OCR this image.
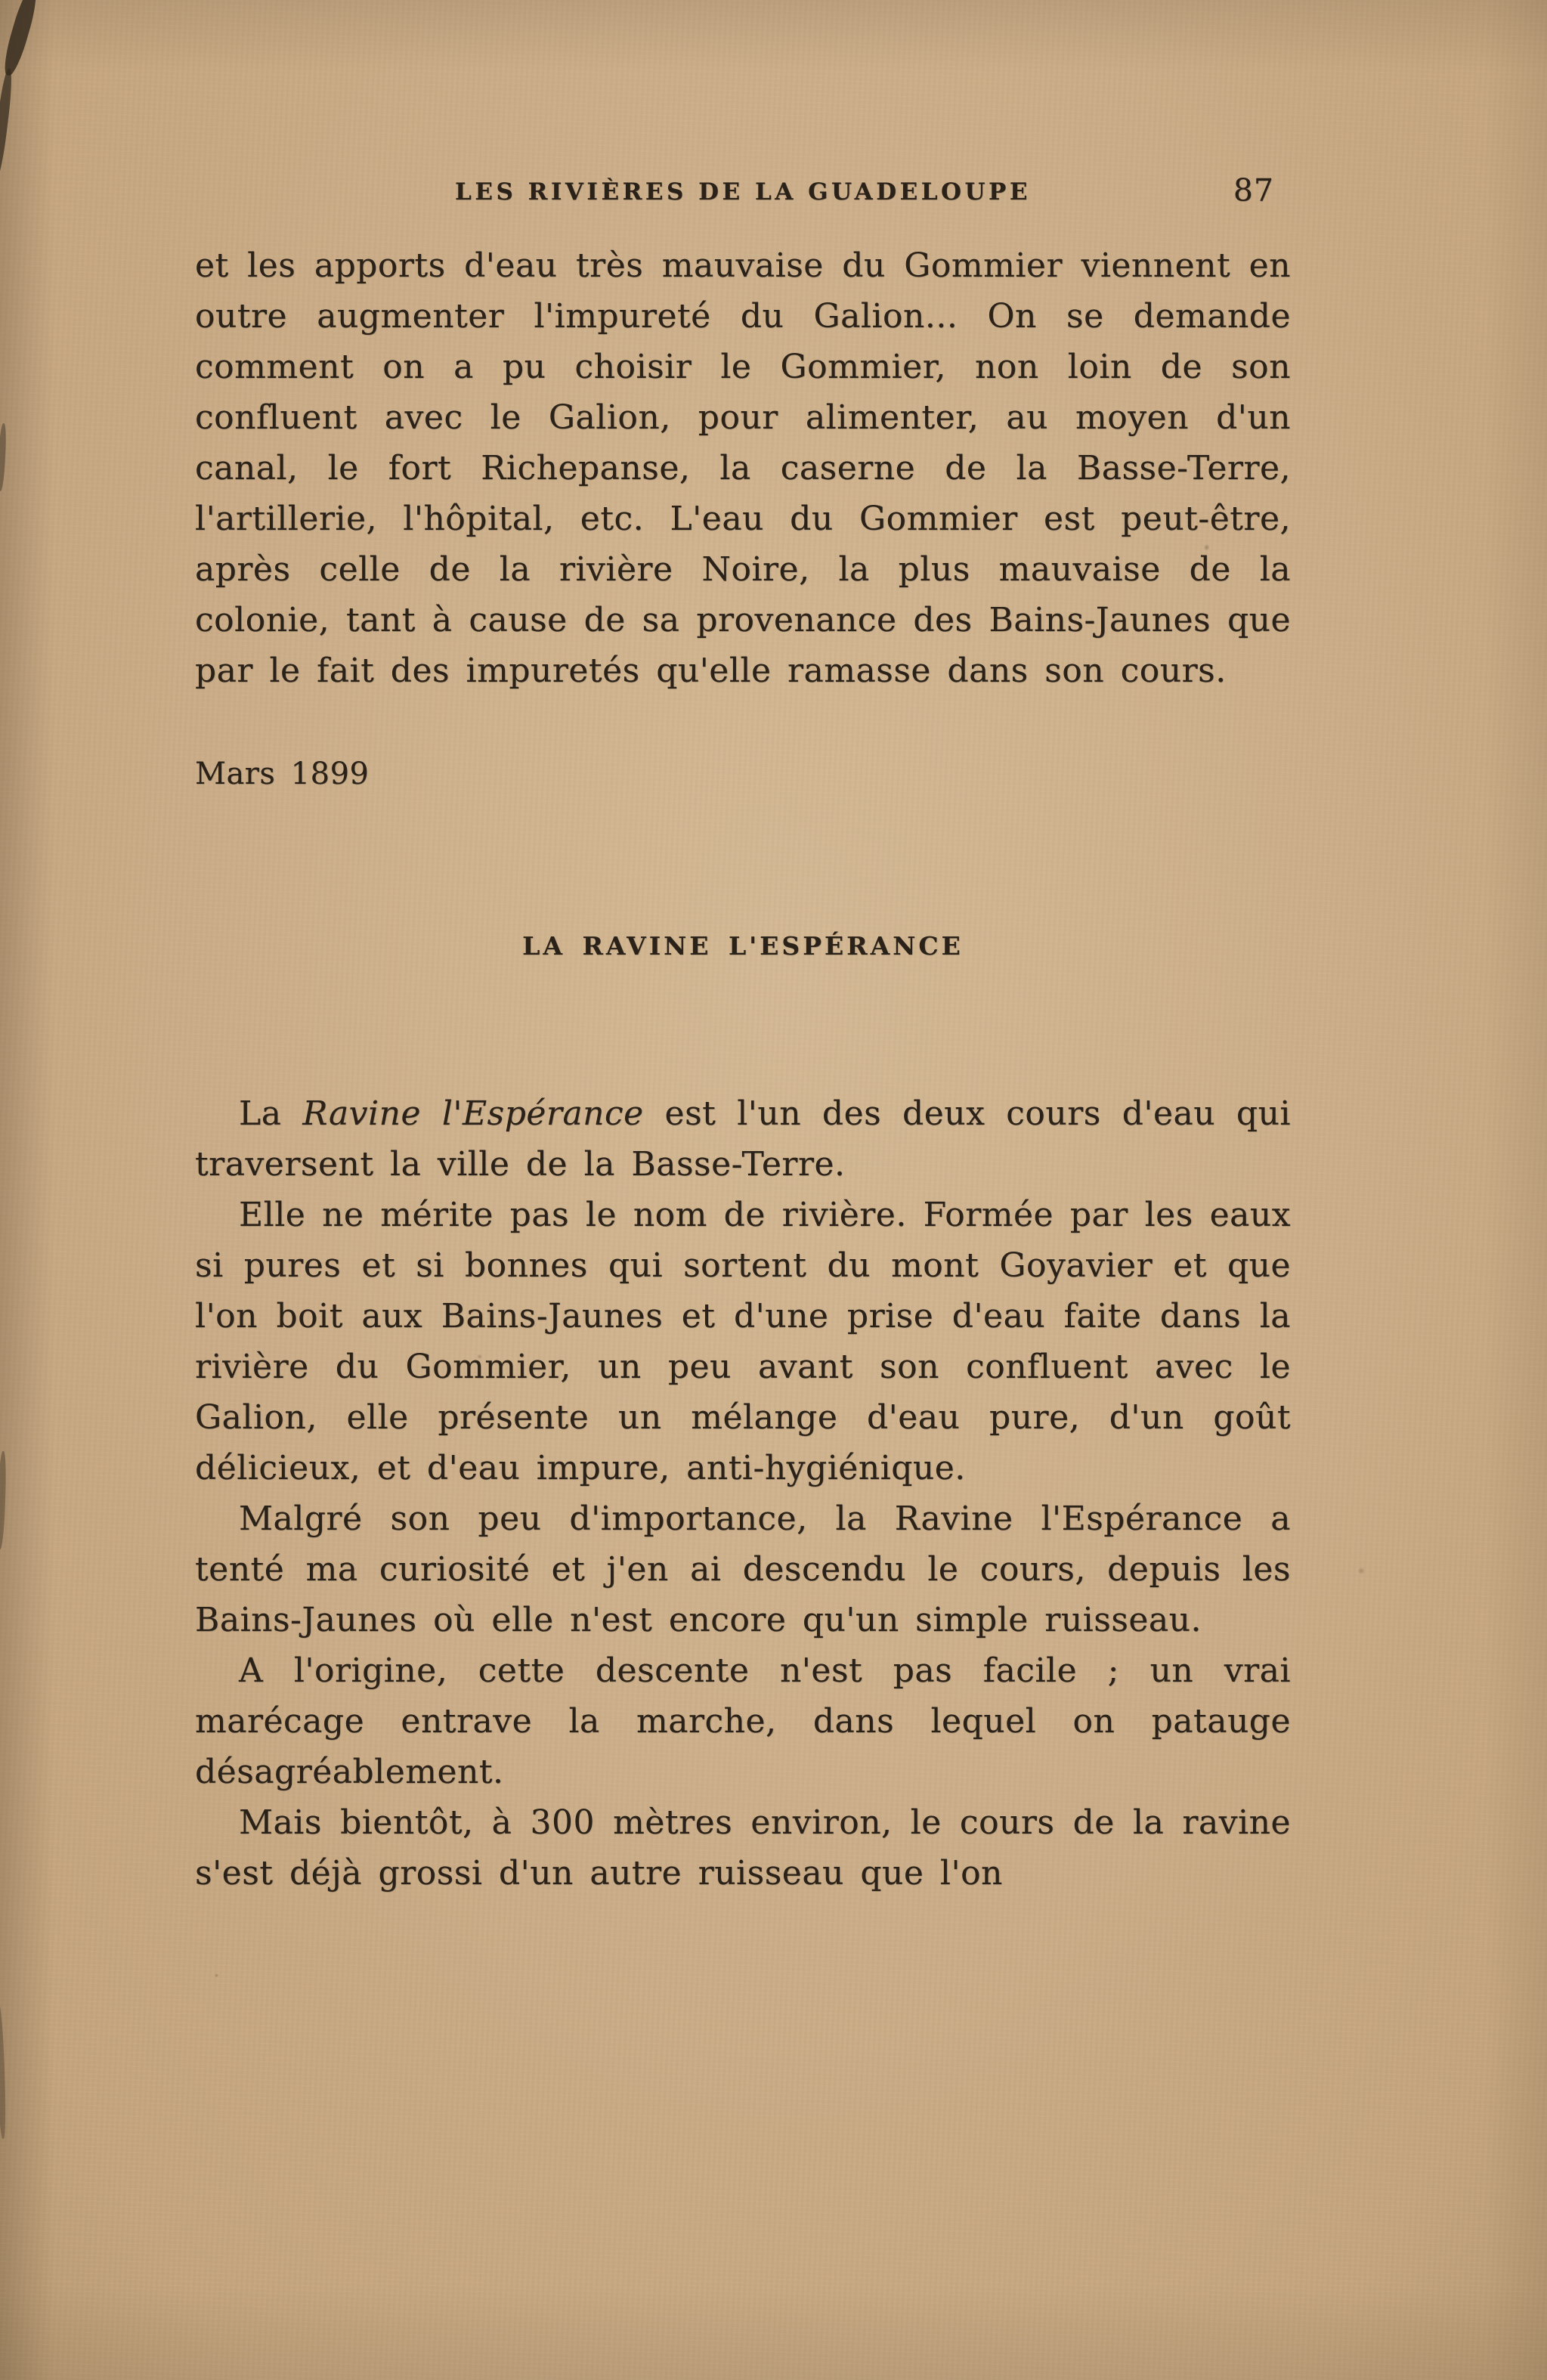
LES RIVIÈRES DE LA GUADELOUPE	87

et les apports d'eau très mauvaise du Gommier viennent en outre augmenter l'impureté du Galion... On se demande comment on a pu choisir le Gommier, non loin de son confluent avec le Galion, pour alimenter, au moyen d'un canal, le fort Richepanse, la caserne de la Basse-Terre, l'artillerie, l'hôpital, etc. L'eau du Gommier est peut-être, après celle de la rivière Noire, la plus mauvaise de la colonie, tant à cause de sa provenance des Bains-Jaunes que par le fait des impuretés qu'elle ramasse dans son cours.

Mars 1899

LA RAVINE L'ESPÉRANCE

La Ravine l'Espérance est l'un des deux cours d'eau qui traversent la ville de la Basse-Terre.

Elle ne mérite pas le nom de rivière. Formée par les eaux si pures et si bonnes qui sortent du mont Goyavier et que l'on boit aux Bains-Jaunes et d'une prise d'eau faite dans la rivière du Gommier, un peu avant son confluent avec le Galion, elle présente un mélange d'eau pure, d'un goût délicieux, et d'eau impure, anti-hygiénique.

Malgré son peu d'importance, la Ravine l'Espérance a tenté ma curiosité et j'en ai descendu le cours, depuis les Bains-Jaunes où elle n'est encore qu'un simple ruisseau.

A l'origine, cette descente n'est pas facile ; un vrai marécage entrave la marche, dans lequel on patauge désagréablement.

Mais bientôt, à 300 mètres environ, le cours de la ravine s'est déjà grossi d'un autre ruisseau que l'on
